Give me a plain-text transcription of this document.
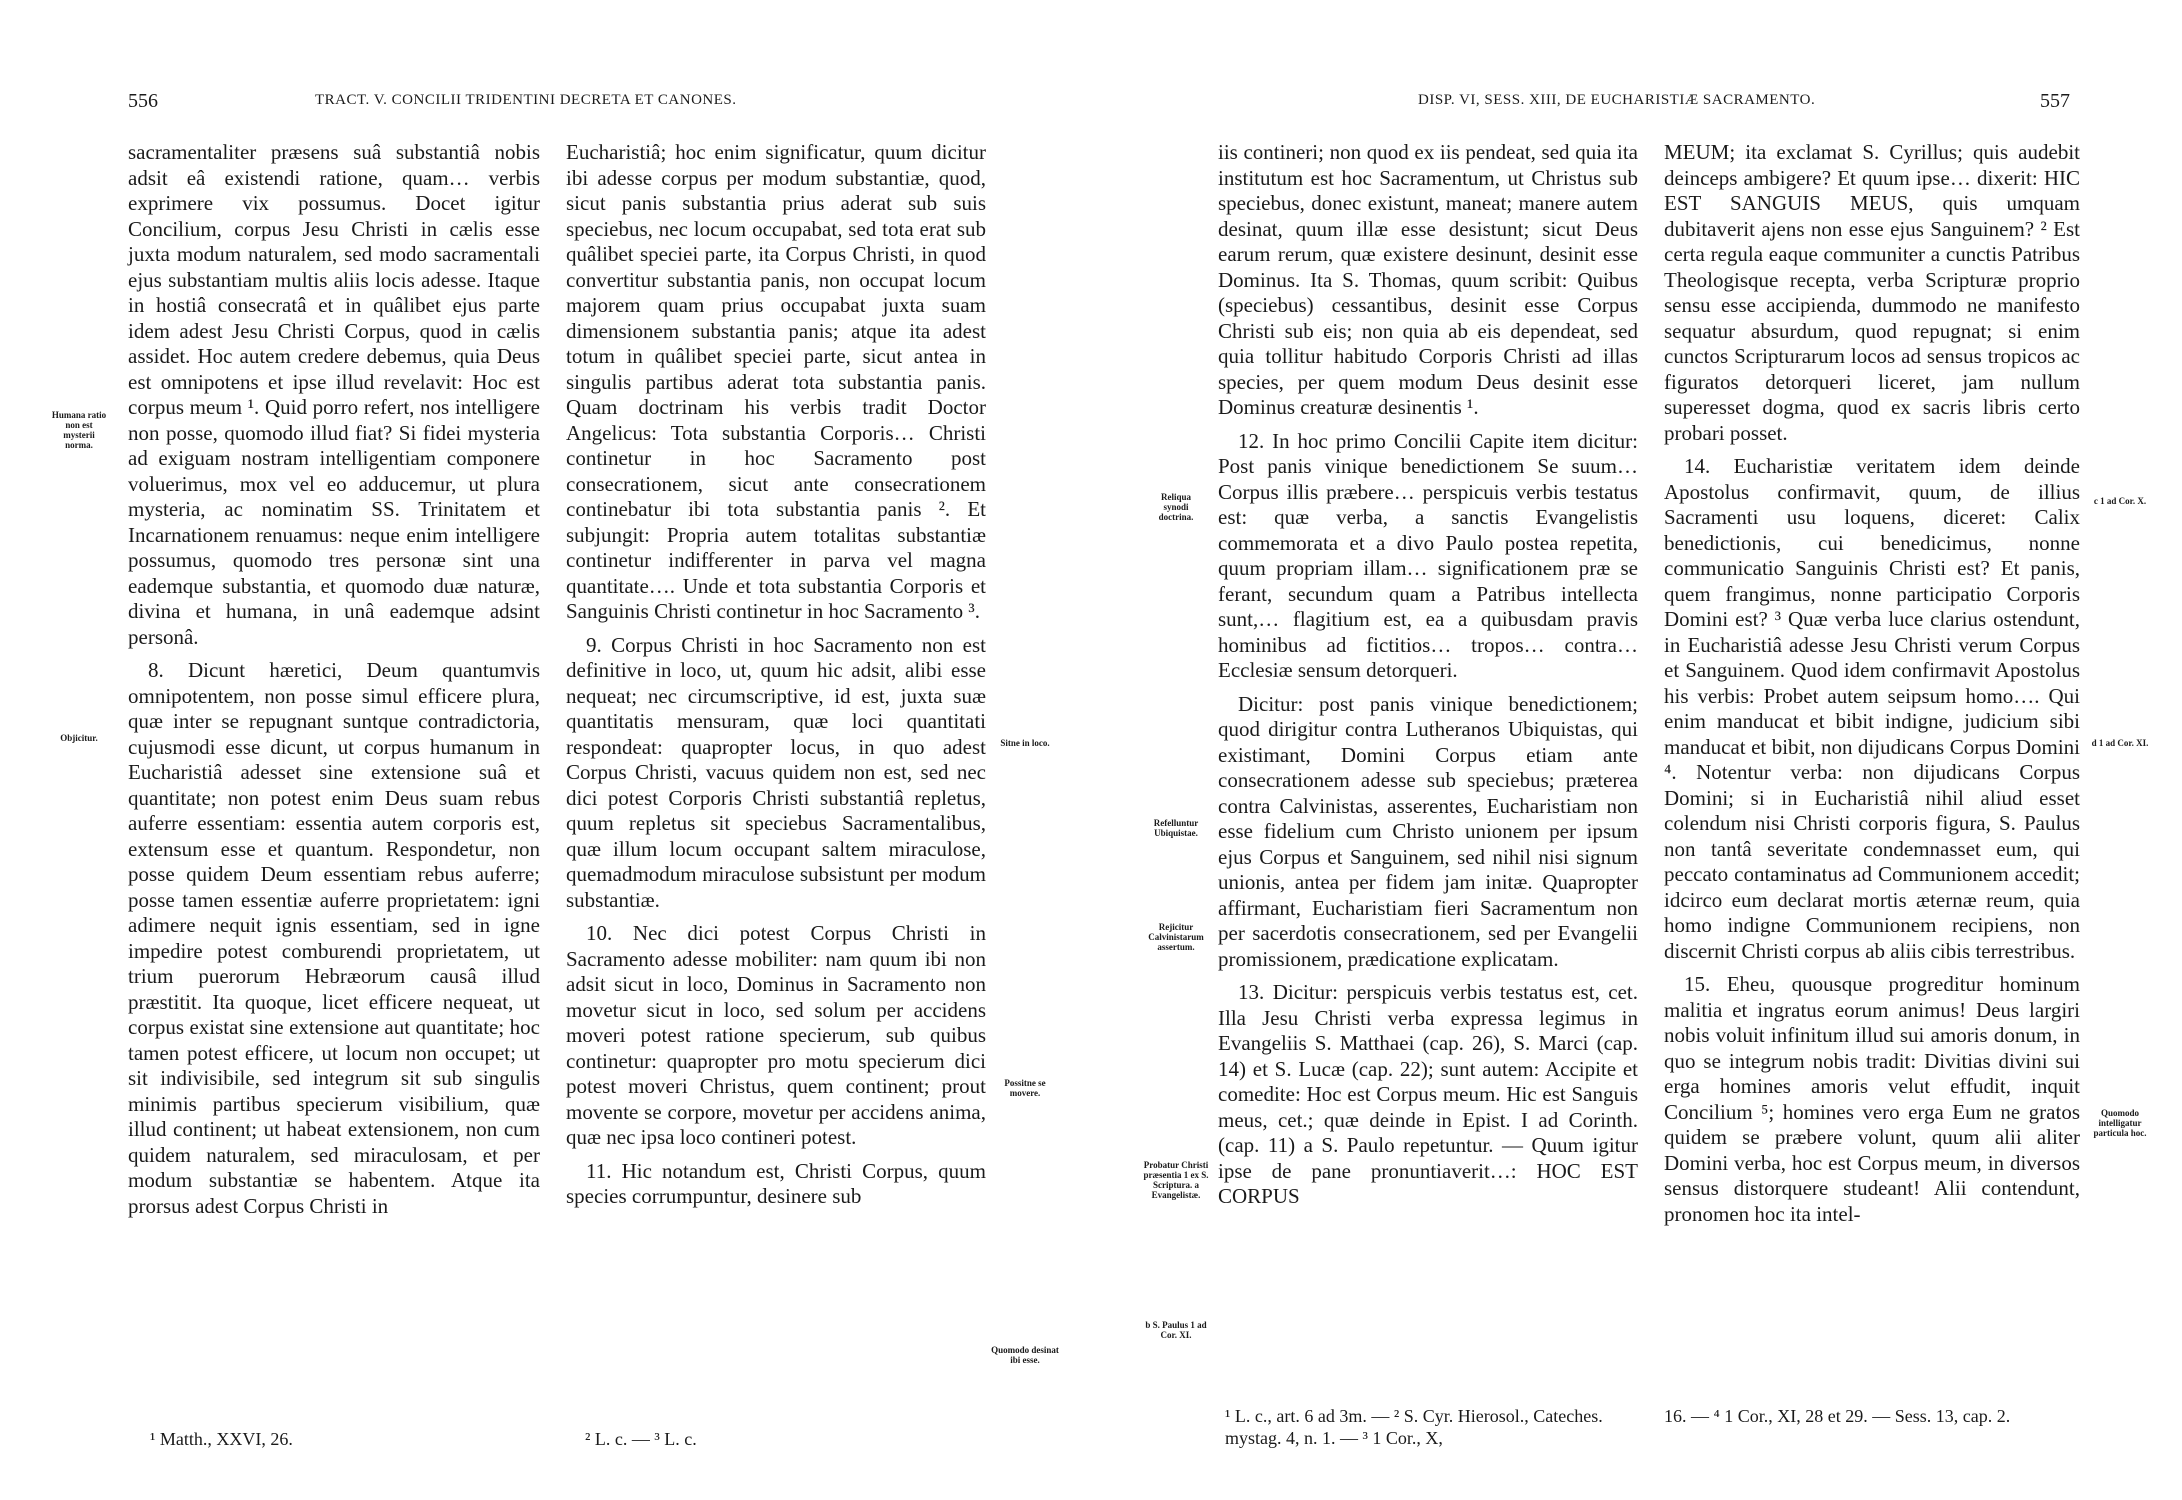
556	TRACT. V. CONCILII TRIDENTINI DECRETA ET CANONES.
Humana ratio non est mysterii norma.
Objicitur.	Sitne in loco.
Possitne se movere.
Quomodo desinat ibi esse.

sacramentaliter præsens suâ substantiâ nobis adsit eâ existendi ratione, quam… verbis exprimere vix possumus. Docet igitur Concilium, corpus Jesu Christi in cælis esse juxta modum naturalem, sed modo sacramentali ejus substantiam multis aliis locis adesse. Itaque in hostiâ consecratâ et in quâlibet ejus parte idem adest Jesu Christi Corpus, quod in cælis assidet. Hoc autem credere debemus, quia Deus est omnipotens et ipse illud revelavit: Hoc est corpus meum ¹. Quid porro refert, nos intelligere non posse, quomodo illud fiat? Si fidei mysteria ad exiguam nostram intelligentiam componere voluerimus, mox vel eo adducemur, ut plura mysteria, ac nominatim SS. Trinitatem et Incarnationem renuamus: neque enim intelligere possumus, quomodo tres personæ sint una eademque substantia, et quomodo duæ naturæ, divina et humana, in unâ eademque adsint personâ.

8. Dicunt hæretici, Deum quantumvis omnipotentem, non posse simul efficere plura, quæ inter se repugnant suntque contradictoria, cujusmodi esse dicunt, ut corpus humanum in Eucharistiâ adesset sine extensione suâ et quantitate; non potest enim Deus suam rebus auferre essentiam: essentia autem corporis est, extensum esse et quantum. Respondetur, non posse quidem Deum essentiam rebus auferre; posse tamen essentiæ auferre proprietatem: igni adimere nequit ignis essentiam, sed in igne impedire potest comburendi proprietatem, ut trium puerorum Hebræorum causâ illud præstitit. Ita quoque, licet efficere nequeat, ut corpus existat sine extensione aut quantitate; hoc tamen potest efficere, ut locum non occupet; ut sit indivisibile, sed integrum sit sub singulis minimis partibus specierum visibilium, quæ illud continent; ut habeat extensionem, non cum quidem naturalem, sed miraculosam, et per modum substantiæ se habentem. Atque ita prorsus adest Corpus Christi in

Eucharistiâ; hoc enim significatur, quum dicitur ibi adesse corpus per modum substantiæ, quod, sicut panis substantia prius aderat sub suis speciebus, nec locum occupabat, sed tota erat sub quâlibet speciei parte, ita Corpus Christi, in quod convertitur substantia panis, non occupat locum majorem quam prius occupabat juxta suam dimensionem substantia panis; atque ita adest totum in quâlibet speciei parte, sicut antea in singulis partibus aderat tota substantia panis. Quam doctrinam his verbis tradit Doctor Angelicus: Tota substantia Corporis… Christi continetur in hoc Sacramento post consecrationem, sicut ante consecrationem continebatur ibi tota substantia panis ². Et subjungit: Propria autem totalitas substantiæ continetur indifferenter in parva vel magna quantitate…. Unde et tota substantia Corporis et Sanguinis Christi continetur in hoc Sacramento ³.

9. Corpus Christi in hoc Sacramento non est definitive in loco, ut, quum hic adsit, alibi esse nequeat; nec circumscriptive, id est, juxta suæ quantitatis mensuram, quæ loci quantitati respondeat: quapropter locus, in quo adest Corpus Christi, vacuus quidem non est, sed nec dici potest Corporis Christi substantiâ repletus, quum repletus sit speciebus Sacramentalibus, quæ illum locum occupant saltem miraculose, quemadmodum miraculose subsistunt per modum substantiæ.

10. Nec dici potest Corpus Christi in Sacramento adesse mobiliter: nam quum ibi non adsit sicut in loco, Dominus in Sacramento non movetur sicut in loco, sed solum per accidens moveri potest ratione specierum, sub quibus continetur: quapropter pro motu specierum dici potest moveri Christus, quem continent; prout movente se corpore, movetur per accidens anima, quæ nec ipsa loco contineri potest.

11. Hic notandum est, Christi Corpus, quum species corrumpuntur, desinere sub

¹ Matth., XXVI, 26.	² L. c. — ³ L. c.
DISP. VI, SESS. XIII, DE EUCHARISTIÆ SACRAMENTO.	557
Reliqua synodi doctrina.
Refelluntur Ubiquistae.
Rejicitur Calvinistarum assertum.
Probatur Christi præsentia 1 ex S. Scriptura. a Evangelistæ.
b S. Paulus 1 ad Cor. XI.
c 1 ad Cor. X.
d 1 ad Cor. XI.
Quomodo intelligatur particula hoc.

iis contineri; non quod ex iis pendeat, sed quia ita institutum est hoc Sacramentum, ut Christus sub speciebus, donec existunt, maneat; manere autem desinat, quum illæ esse desistunt; sicut Deus earum rerum, quæ existere desinunt, desinit esse Dominus. Ita S. Thomas, quum scribit: Quibus (speciebus) cessantibus, desinit esse Corpus Christi sub eis; non quia ab eis dependeat, sed quia tollitur habitudo Corporis Christi ad illas species, per quem modum Deus desinit esse Dominus creaturæ desinentis ¹.

12. In hoc primo Concilii Capite item dicitur: Post panis vinique benedictionem Se suum… Corpus illis præbere… perspicuis verbis testatus est: quæ verba, a sanctis Evangelistis commemorata et a divo Paulo postea repetita, quum propriam illam… significationem præ se ferant, secundum quam a Patribus intellecta sunt,… flagitium est, ea a quibusdam pravis hominibus ad fictitios… tropos… contra… Ecclesiæ sensum detorqueri.

Dicitur: post panis vinique benedictionem; quod dirigitur contra Lutheranos Ubiquistas, qui existimant, Domini Corpus etiam ante consecrationem adesse sub speciebus; præterea contra Calvinistas, asserentes, Eucharistiam non esse fidelium cum Christo unionem per ipsum ejus Corpus et Sanguinem, sed nihil nisi signum unionis, antea per fidem jam initæ. Quapropter affirmant, Eucharistiam fieri Sacramentum non per sacerdotis consecrationem, sed per Evangelii promissionem, prædicatione explicatam.

13. Dicitur: perspicuis verbis testatus est, cet. Illa Jesu Christi verba expressa legimus in Evangeliis S. Matthaei (cap. 26), S. Marci (cap. 14) et S. Lucæ (cap. 22); sunt autem: Accipite et comedite: Hoc est Corpus meum. Hic est Sanguis meus, cet.; quæ deinde in Epist. I ad Corinth. (cap. 11) a S. Paulo repetuntur. — Quum igitur ipse de pane pronuntiaverit…: HOC EST CORPUS

MEUM; ita exclamat S. Cyrillus; quis audebit deinceps ambigere? Et quum ipse… dixerit: HIC EST SANGUIS MEUS, quis umquam dubitaverit ajens non esse ejus Sanguinem? ² Est certa regula eaque communiter a cunctis Patribus Theologisque recepta, verba Scripturæ proprio sensu esse accipienda, dummodo ne manifesto sequatur absurdum, quod repugnat; si enim cunctos Scripturarum locos ad sensus tropicos ac figuratos detorqueri liceret, jam nullum superesset dogma, quod ex sacris libris certo probari posset.

14. Eucharistiæ veritatem idem deinde Apostolus confirmavit, quum, de illius Sacramenti usu loquens, diceret: Calix benedictionis, cui benedicimus, nonne communicatio Sanguinis Christi est? Et panis, quem frangimus, nonne participatio Corporis Domini est? ³ Quæ verba luce clarius ostendunt, in Eucharistiâ adesse Jesu Christi verum Corpus et Sanguinem. Quod idem confirmavit Apostolus his verbis: Probet autem seipsum homo…. Qui enim manducat et bibit indigne, judicium sibi manducat et bibit, non dijudicans Corpus Domini ⁴. Notentur verba: non dijudicans Corpus Domini; si in Eucharistiâ nihil aliud esset colendum nisi Christi corporis figura, S. Paulus non tantâ severitate condemnasset eum, qui peccato contaminatus ad Communionem accedit; idcirco eum declarat mortis æternæ reum, quia homo indigne Communionem recipiens, non discernit Christi corpus ab aliis cibis terrestribus.

15. Eheu, quousque progreditur hominum malitia et ingratus eorum animus! Deus largiri nobis voluit infinitum illud sui amoris donum, in quo se integrum nobis tradit: Divitias divini sui erga homines amoris velut effudit, inquit Concilium ⁵; homines vero erga Eum ne gratos quidem se præbere volunt, quum alii aliter Domini verba, hoc est Corpus meum, in diversos sensus distorquere studeant! Alii contendunt, pronomen hoc ita intel-

¹ L. c., art. 6 ad 3m. — ² S. Cyr. Hierosol., Cateches. mystag. 4, n. 1. — ³ 1 Cor., X,
16. — ⁴ 1 Cor., XI, 28 et 29. — Sess. 13, cap. 2.
